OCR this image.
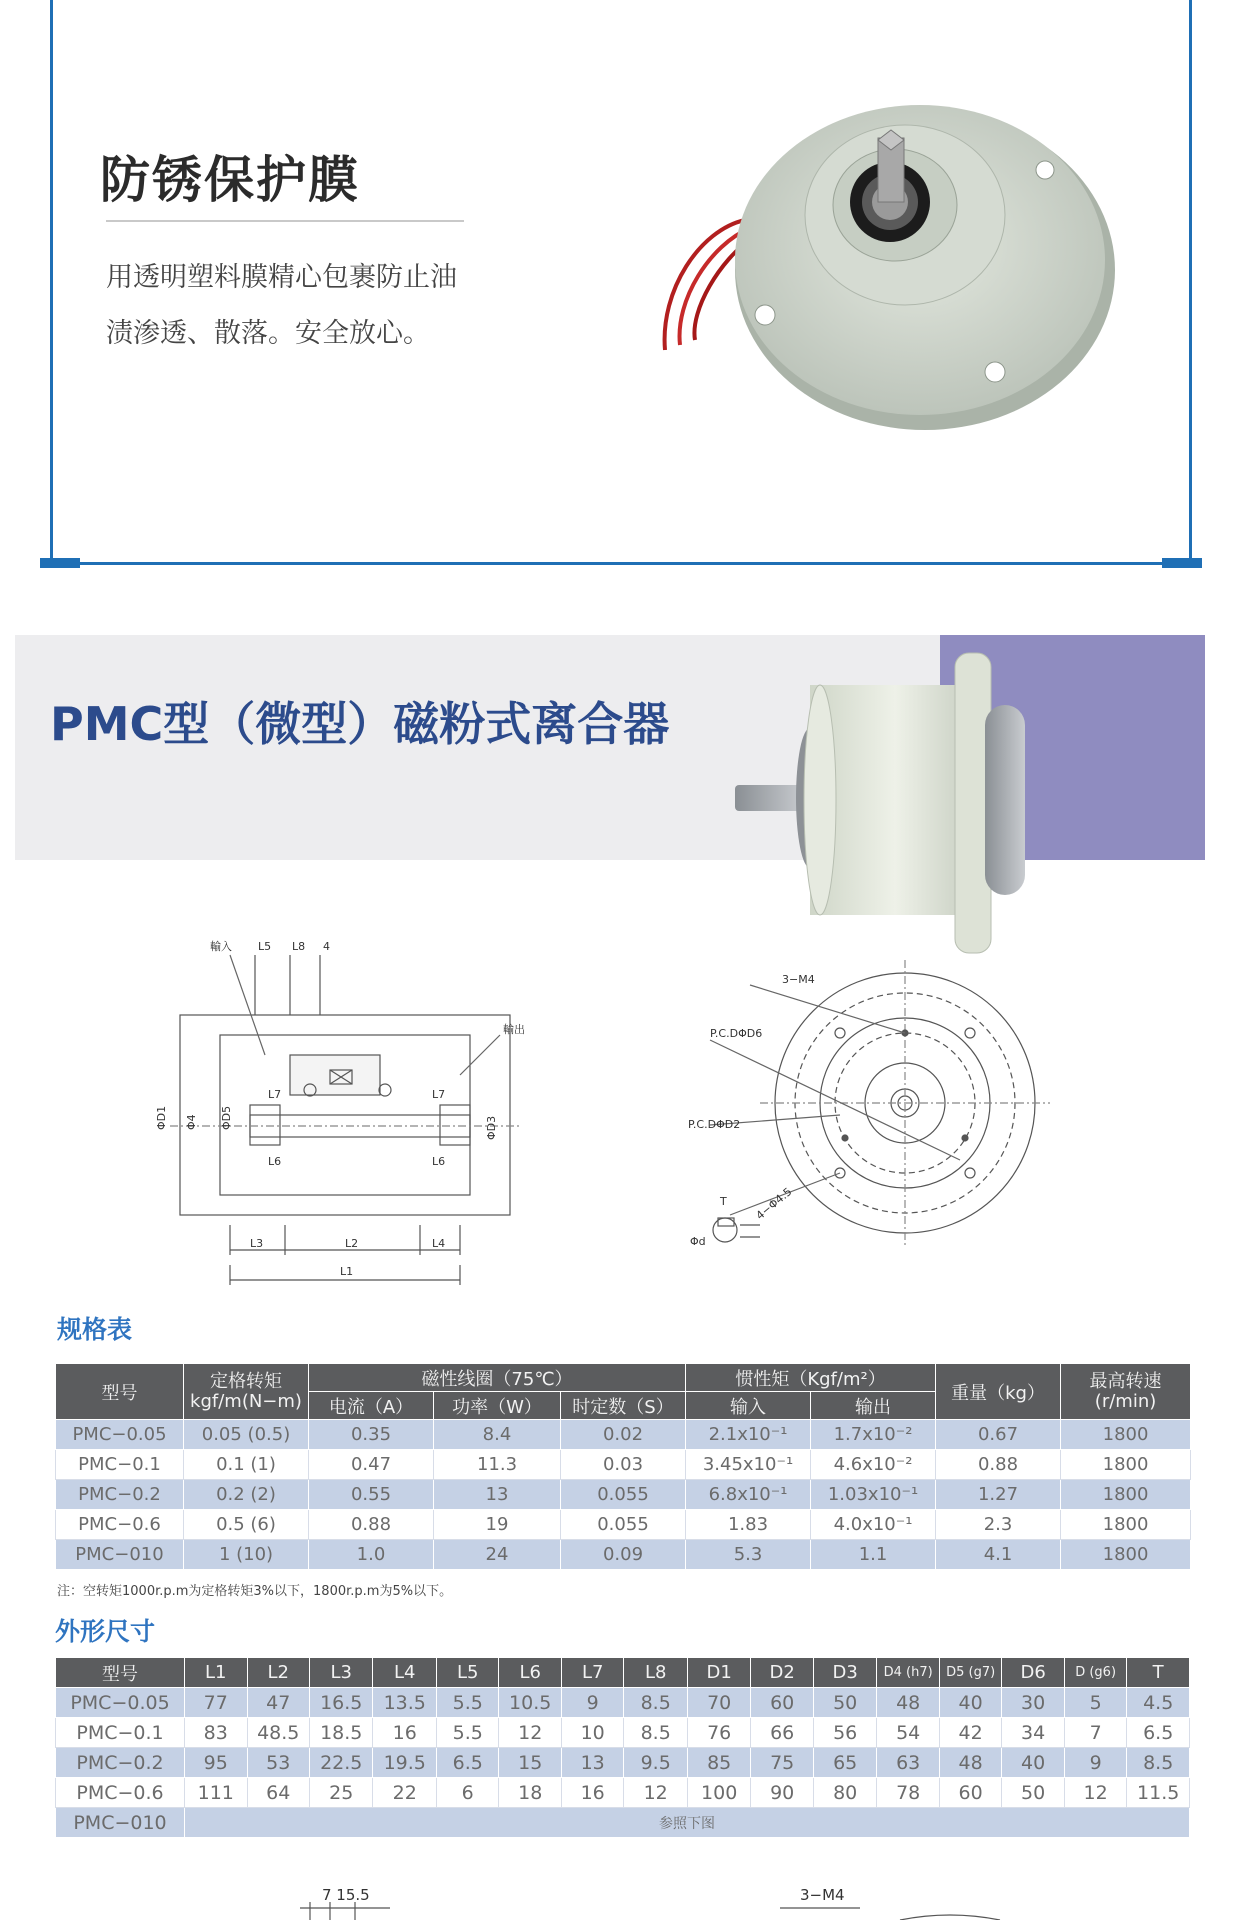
防锈保护膜
用透明塑料膜精心包裹防止油渍渗透、散落。安全放心。
PMC型（微型）磁粉式离合器
輸入 L5 L8 4
輸出
ΦD1 Φ4 ΦD5	ΦD3
L7	L7
L6	L6
L3	L2	L4
L1
3−M4
P.C.DΦD6
P.C.DΦD2
4−Φ4.5
T
Φd
规格表
型号	定格转矩 kgf/m(N−m)	磁性线圈（75℃）			惯性矩（Kgf/m²）		重量（kg）	最高转速 (r/min)
		电流（A）	功率（W）	时定数（S）	输入	输出		
PMC−0.05	0.05 (0.5)	0.35	8.4	0.02	2.1x10⁻¹	1.7x10⁻²	0.67	1800
PMC−0.1	0.1 (1)	0.47	11.3	0.03	3.45x10⁻¹	4.6x10⁻²	0.88	1800
PMC−0.2	0.2 (2)	0.55	13	0.055	6.8x10⁻¹	1.03x10⁻¹	1.27	1800
PMC−0.6	0.5 (6)	0.88	19	0.055	1.83	4.0x10⁻¹	2.3	1800
PMC−010	1 (10)	1.0	24	0.09	5.3	1.1	4.1	1800
注：空转矩1000r.p.m为定格转矩3%以下，1800r.p.m为5%以下。
外形尺寸
型号	L1	L2	L3	L4	L5	L6	L7	L8	D1	D2	D3	D4 (h7)	D5 (g7)	D6	D (g6)	T
PMC−0.05	77	47	16.5	13.5	5.5	10.5	9	8.5	70	60	50	48	40	30	5	4.5
PMC−0.1	83	48.5	18.5	16	5.5	12	10	8.5	76	66	56	54	42	34	7	6.5
PMC−0.2	95	53	22.5	19.5	6.5	15	13	9.5	85	75	65	63	48	40	9	8.5
PMC−0.6	111	64	25	22	6	18	16	12	100	90	80	78	60	50	12	11.5
PMC−010	参照下图															
7 15.5	3−M4
